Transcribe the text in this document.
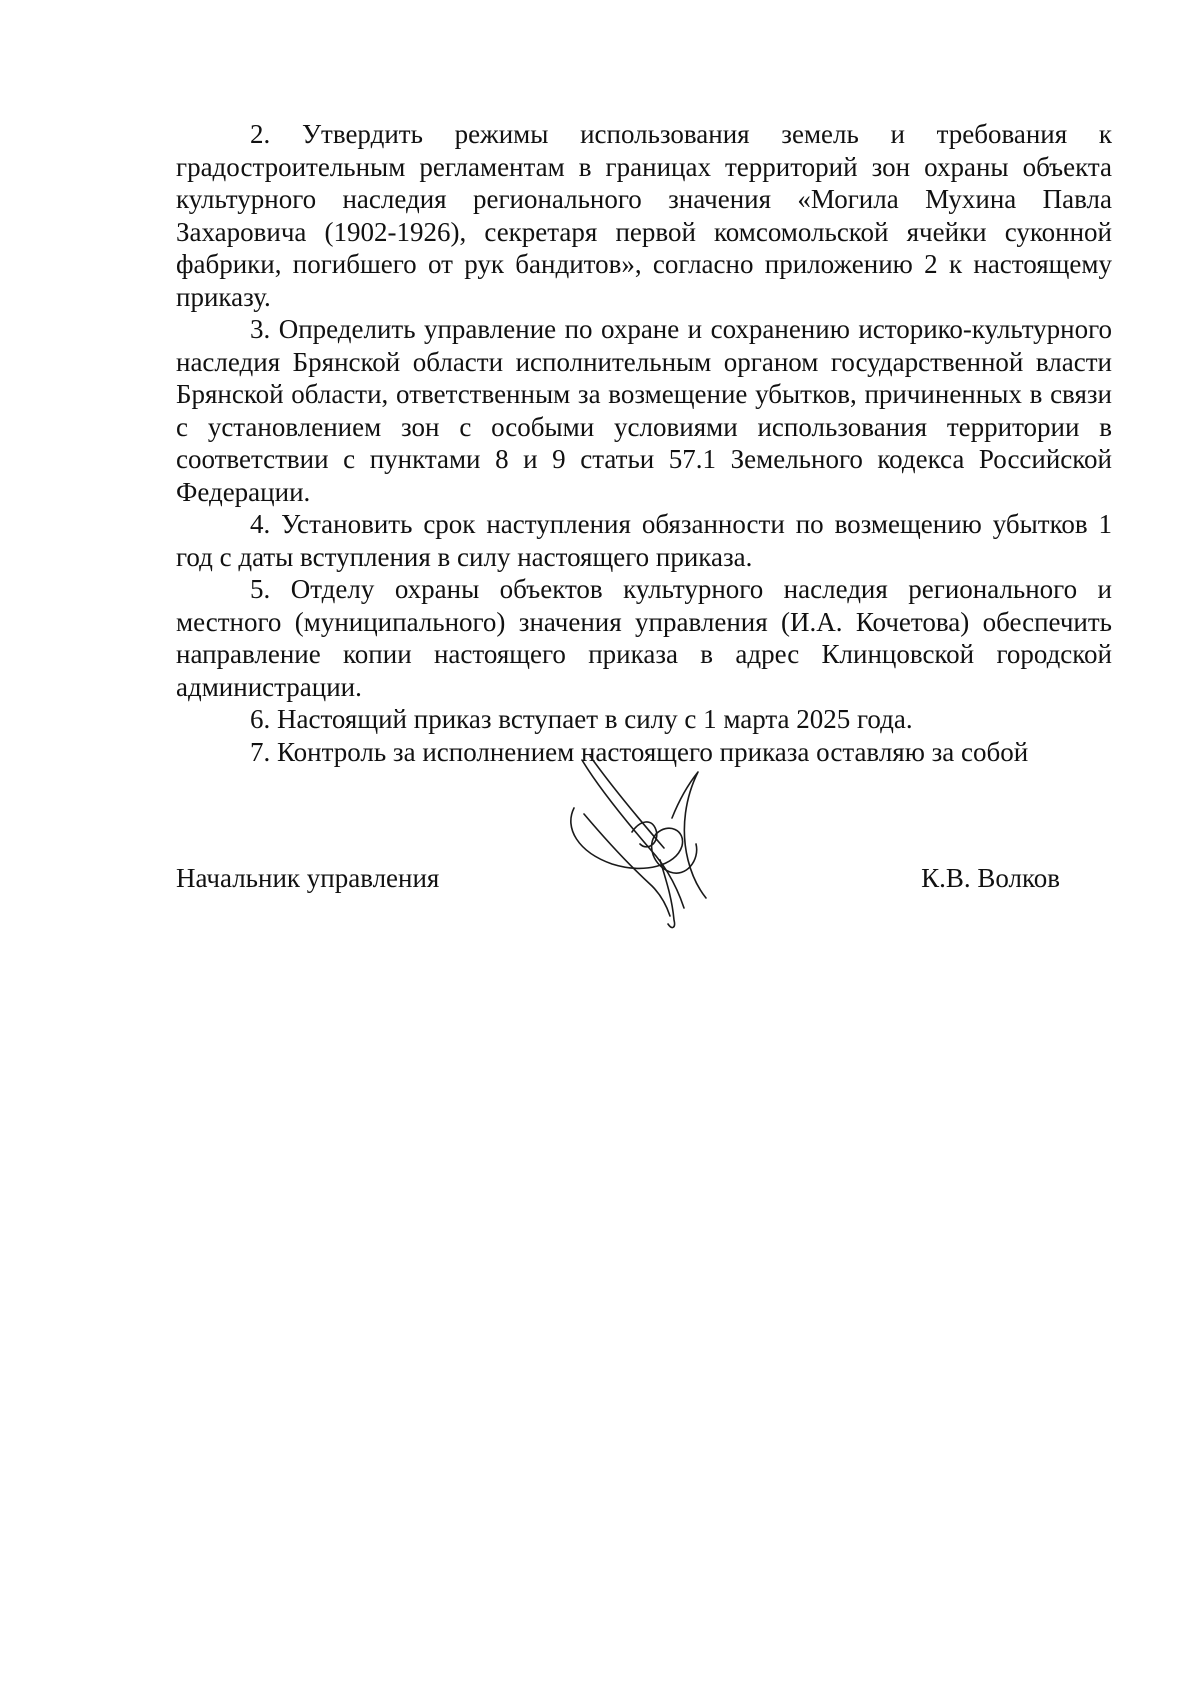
2. Утвердить режимы использования земель и требования к градостроительным регламентам в границах территорий зон охраны объекта культурного наследия регионального значения «Могила Мухина Павла Захаровича (1902-1926), секретаря первой комсомольской ячейки суконной фабрики, погибшего от рук бандитов», согласно приложению 2 к настоящему приказу.

3. Определить управление по охране и сохранению историко-культурного наследия Брянской области исполнительным органом государственной власти Брянской области, ответственным за возмещение убытков, причиненных в связи с установлением зон с особыми условиями использования территории в соответствии с пунктами 8 и 9 статьи 57.1 Земельного кодекса Российской Федерации.

4. Установить срок наступления обязанности по возмещению убытков 1 год с даты вступления в силу настоящего приказа.

5. Отделу охраны объектов культурного наследия регионального и местного (муниципального) значения управления (И.А. Кочетова) обеспечить направление копии настоящего приказа в адрес Клинцовской городской администрации.

6. Настоящий приказ вступает в силу с 1 марта 2025 года.

7. Контроль за исполнением настоящего приказа оставляю за собой

Начальник управления	К.В. Волков
